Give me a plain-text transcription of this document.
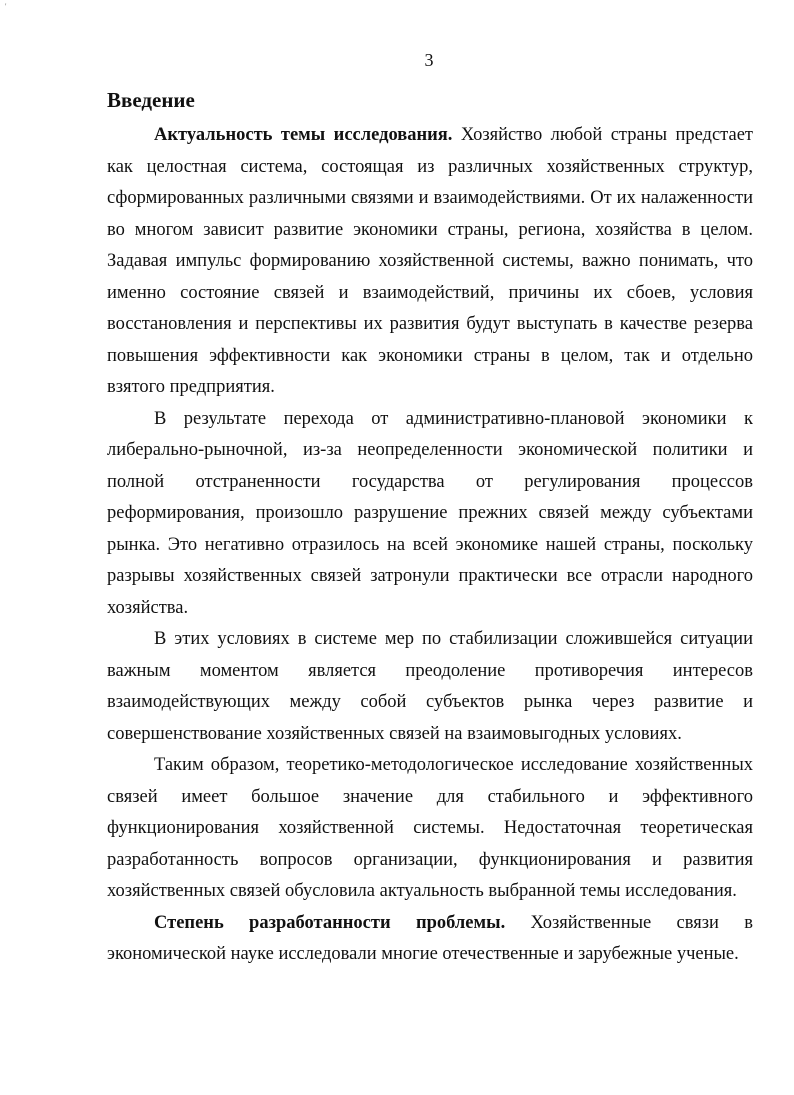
'
3
Введение

Актуальность темы исследования. Хозяйство любой страны предстает как целостная система, состоящая из различных хозяйственных структур, сформированных различными связями и взаимодействиями. От их налаженности во многом зависит развитие экономики страны, региона, хозяйства в целом. Задавая импульс формированию хозяйственной системы, важно понимать, что именно состояние связей и взаимодействий, причины их сбоев, условия восстановления и перспективы их развития будут выступать в качестве резерва повышения эффективности как экономики страны в целом, так и отдельно взятого предприятия.

В результате перехода от административно-плановой экономики к либерально-рыночной, из-за неопределенности экономической политики и полной отстраненности государства от регулирования процессов реформирования, произошло разрушение прежних связей между субъектами рынка. Это негативно отразилось на всей экономике нашей страны, поскольку разрывы хозяйственных связей затронули практически все отрасли народного хозяйства.

В этих условиях в системе мер по стабилизации сложившейся ситуации важным моментом является преодоление противоречия интересов взаимодействующих между собой субъектов рынка через развитие и совершенствование хозяйственных связей на взаимовыгодных условиях.

Таким образом, теоретико-методологическое исследование хозяйственных связей имеет большое значение для стабильного и эффективного функционирования хозяйственной системы. Недостаточная теоретическая разработанность вопросов организации, функционирования и развития хозяйственных связей обусловила актуальность выбранной темы исследования.

Степень разработанности проблемы. Хозяйственные связи в экономической науке исследовали многие отечественные и зарубежные ученые.
